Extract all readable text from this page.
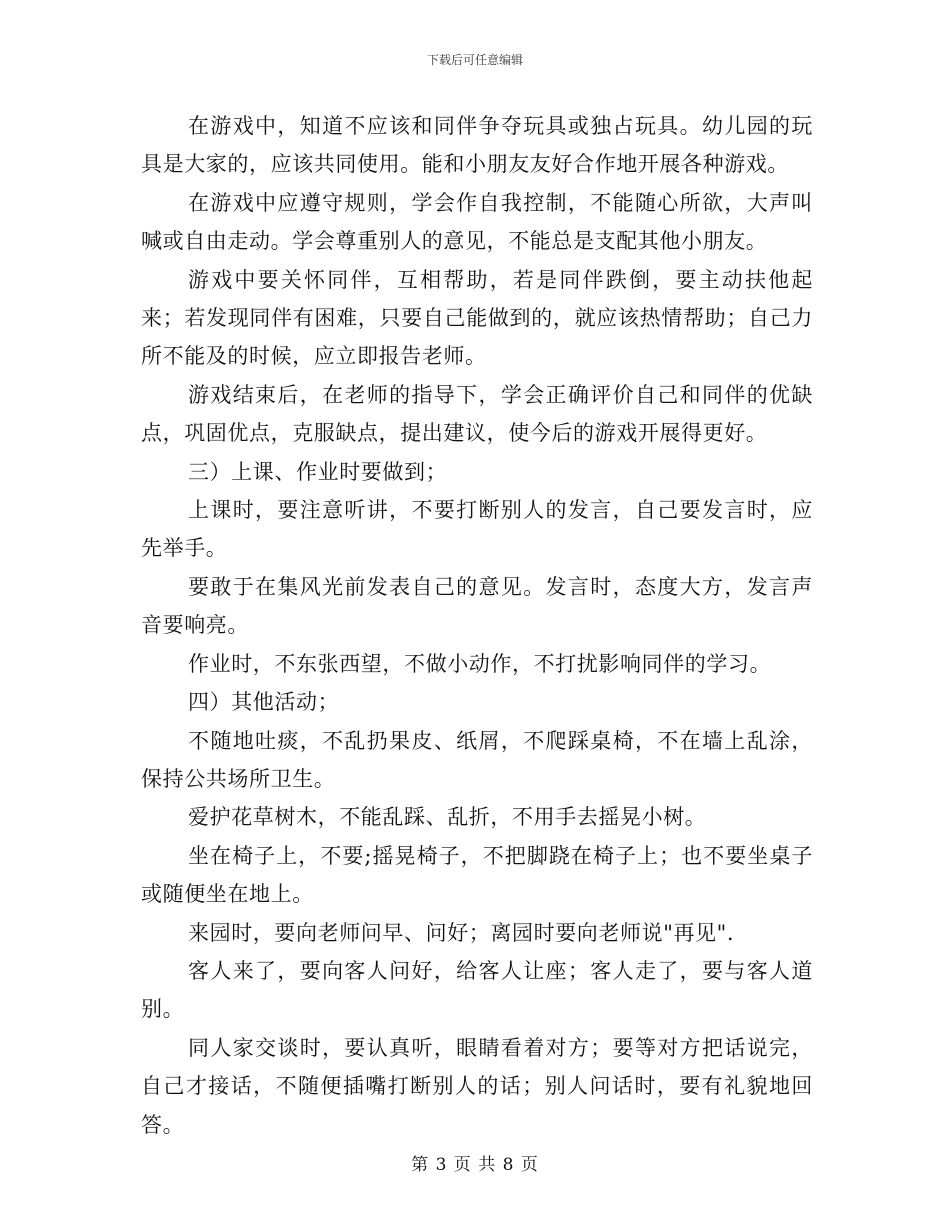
下载后可任意编辑

在游戏中，知道不应该和同伴争夺玩具或独占玩具。幼儿园的玩具是大家的，应该共同使用。能和小朋友友好合作地开展各种游戏。

在游戏中应遵守规则，学会作自我控制，不能随心所欲，大声叫喊或自由走动。学会尊重别人的意见，不能总是支配其他小朋友。

游戏中要关怀同伴，互相帮助，若是同伴跌倒，要主动扶他起来；若发现同伴有困难，只要自己能做到的，就应该热情帮助；自己力所不能及的时候，应立即报告老师。

游戏结束后，在老师的指导下，学会正确评价自己和同伴的优缺点，巩固优点，克服缺点，提出建议，使今后的游戏开展得更好。

三）上课、作业时要做到；

上课时，要注意听讲，不要打断别人的发言，自己要发言时，应先举手。

要敢于在集风光前发表自己的意见。发言时，态度大方，发言声音要响亮。

作业时，不东张西望，不做小动作，不打扰影响同伴的学习。

四）其他活动；

不随地吐痰，不乱扔果皮、纸屑，不爬踩桌椅，不在墙上乱涂，保持公共场所卫生。

爱护花草树木，不能乱踩、乱折，不用手去摇晃小树。

坐在椅子上，不要;摇晃椅子，不把脚跷在椅子上；也不要坐桌子或随便坐在地上。

来园时，要向老师问早、问好；离园时要向老师说"再见".

客人来了，要向客人问好，给客人让座；客人走了，要与客人道别。

同人家交谈时，要认真听，眼睛看着对方；要等对方把话说完，自己才接话，不随便插嘴打断别人的话；别人问话时，要有礼貌地回答。

第 3 页 共 8 页
